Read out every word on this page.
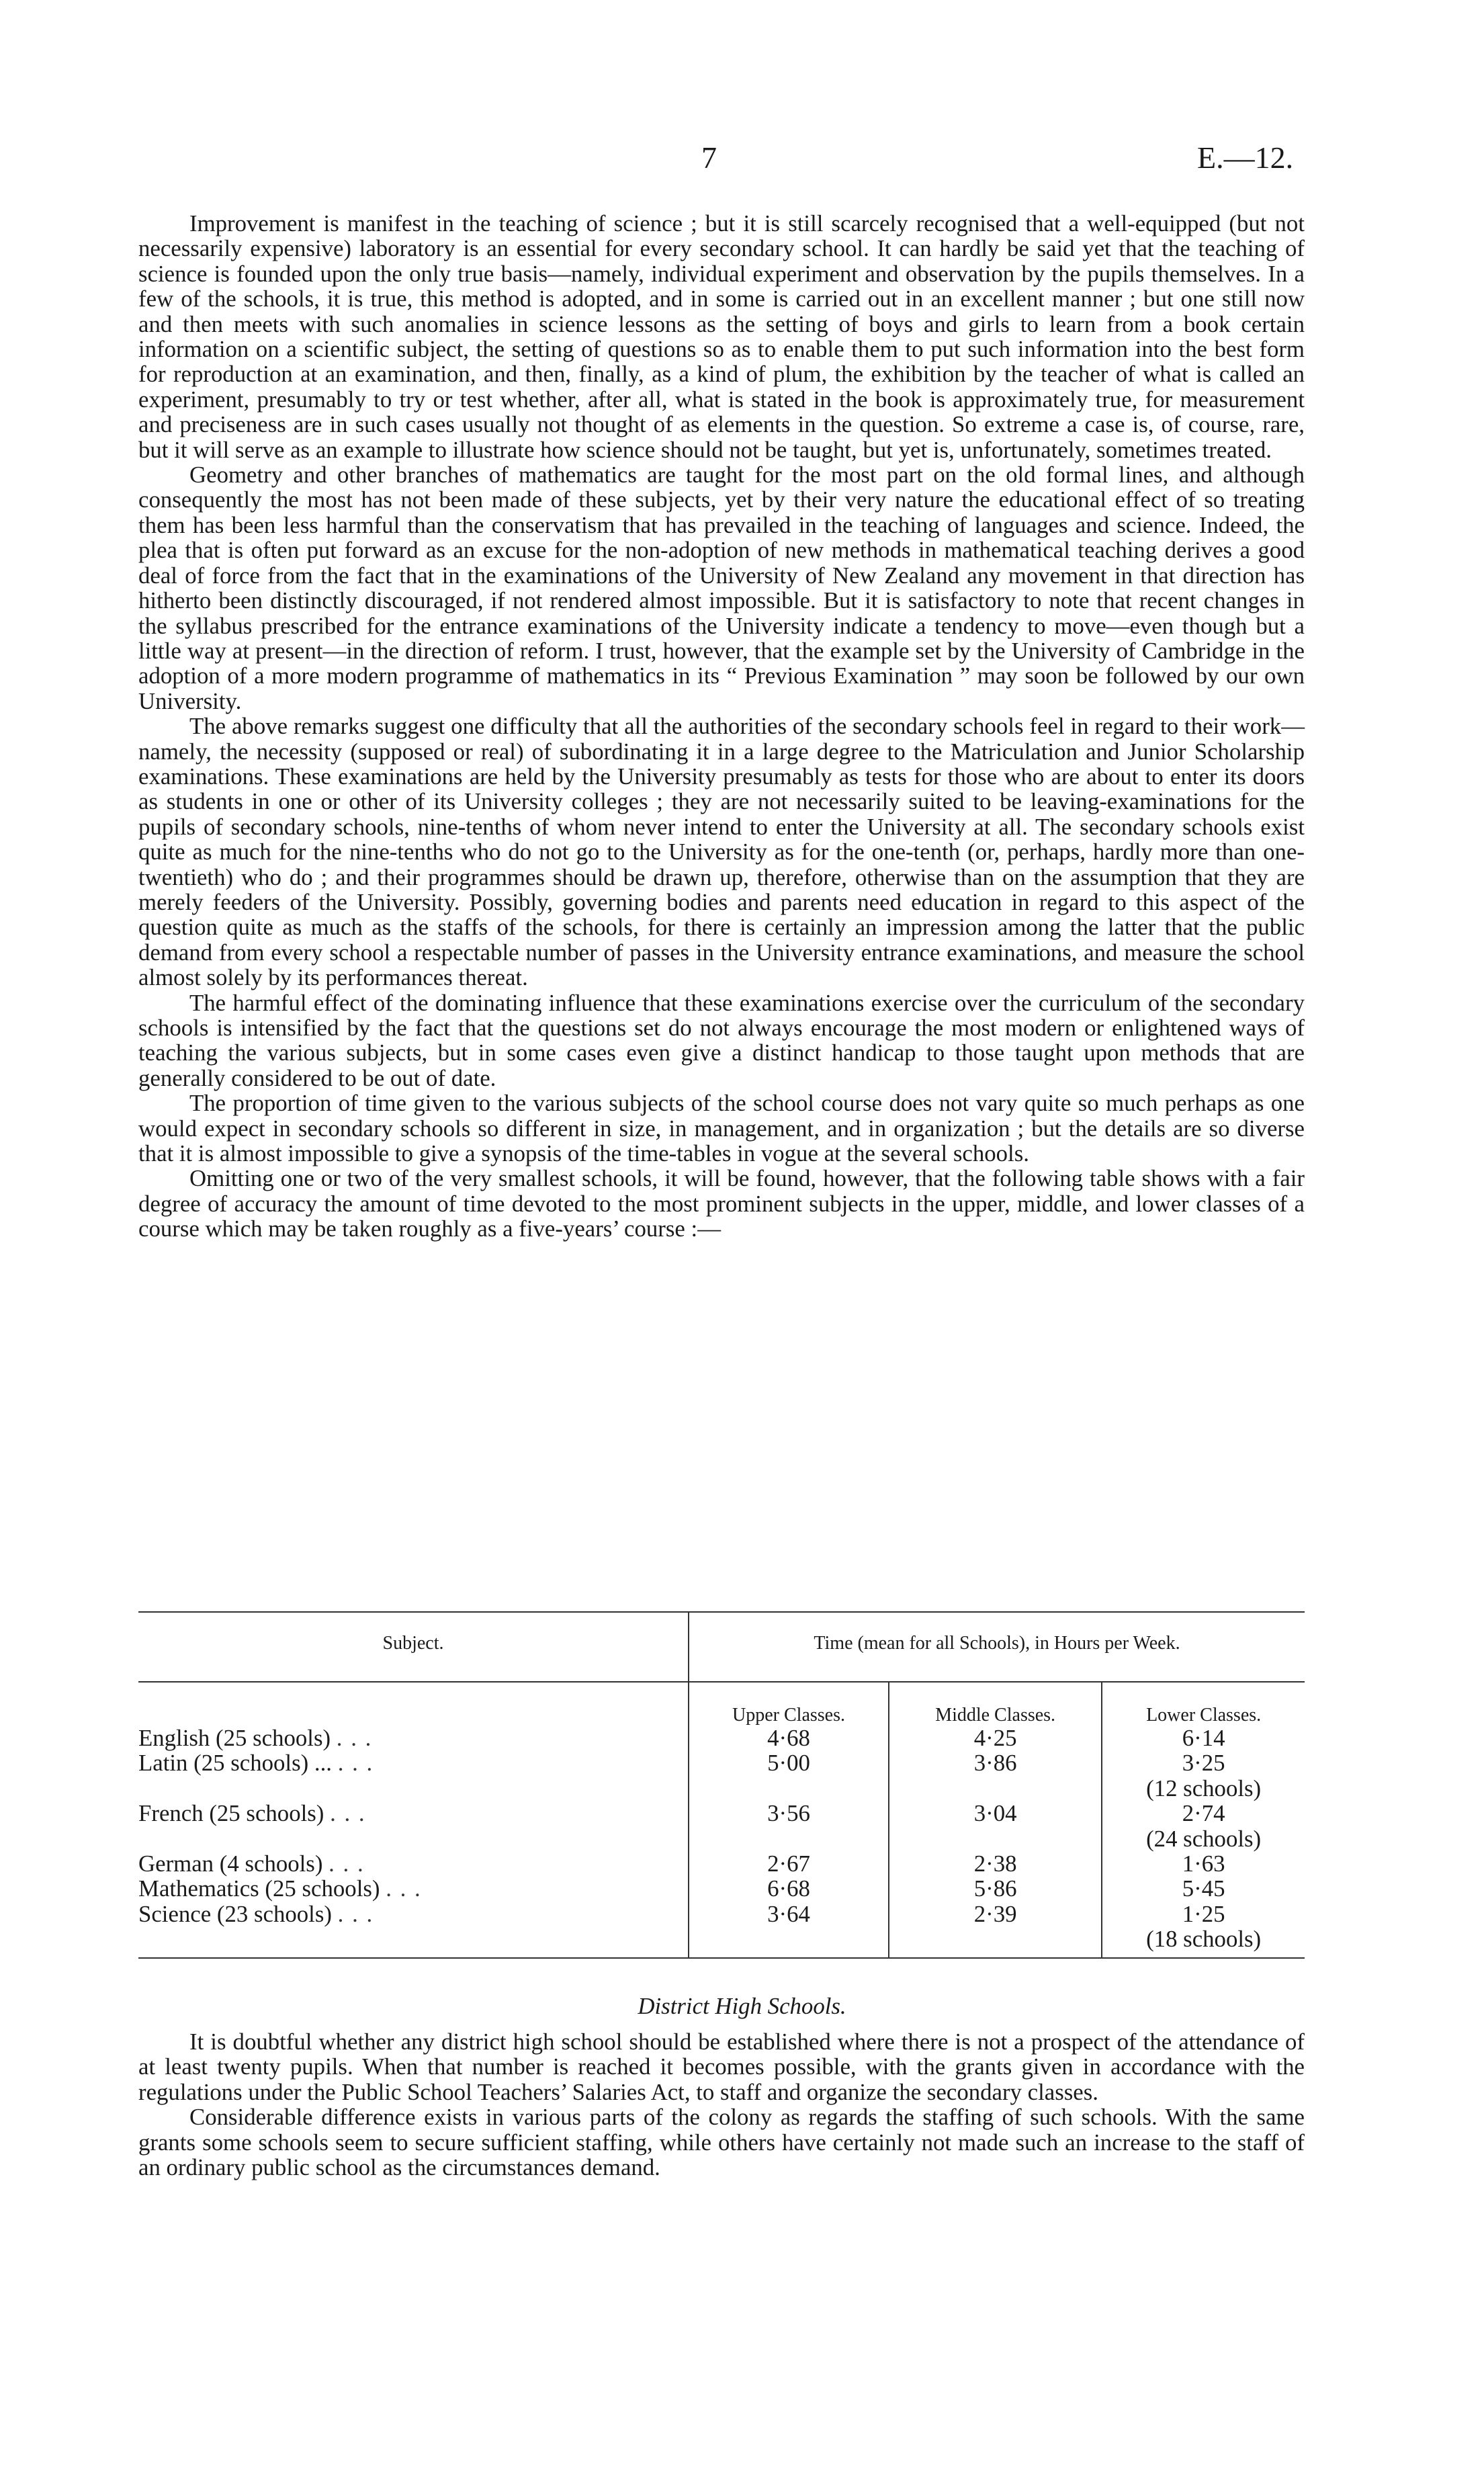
7	E.—12.

Improvement is manifest in the teaching of science ; but it is still scarcely recognised that a well-equipped (but not necessarily expensive) laboratory is an essential for every secondary school. It can hardly be said yet that the teaching of science is founded upon the only true basis—namely, individual experiment and observation by the pupils themselves. In a few of the schools, it is true, this method is adopted, and in some is carried out in an excellent manner ; but one still now and then meets with such anomalies in science lessons as the setting of boys and girls to learn from a book certain information on a scientific subject, the setting of questions so as to enable them to put such information into the best form for reproduction at an examination, and then, finally, as a kind of plum, the exhibition by the teacher of what is called an experiment, presumably to try or test whether, after all, what is stated in the book is approximately true, for measurement and preciseness are in such cases usually not thought of as elements in the question. So extreme a case is, of course, rare, but it will serve as an example to illustrate how science should not be taught, but yet is, unfortunately, sometimes treated.

Geometry and other branches of mathematics are taught for the most part on the old formal lines, and although consequently the most has not been made of these subjects, yet by their very nature the educational effect of so treating them has been less harmful than the conservatism that has prevailed in the teaching of languages and science. Indeed, the plea that is often put forward as an excuse for the non-adoption of new methods in mathematical teaching derives a good deal of force from the fact that in the examinations of the University of New Zealand any movement in that direction has hitherto been distinctly discouraged, if not rendered almost impossible. But it is satisfactory to note that recent changes in the syllabus prescribed for the entrance examinations of the University indicate a tendency to move—even though but a little way at present—in the direction of reform. I trust, however, that the example set by the University of Cambridge in the adoption of a more modern programme of mathematics in its “ Previous Examination ” may soon be followed by our own University.

The above remarks suggest one difficulty that all the authorities of the secondary schools feel in regard to their work—namely, the necessity (supposed or real) of subordinating it in a large degree to the Matriculation and Junior Scholarship examinations. These examinations are held by the University presumably as tests for those who are about to enter its doors as students in one or other of its University colleges ; they are not necessarily suited to be leaving-examinations for the pupils of secondary schools, nine-tenths of whom never intend to enter the University at all. The secondary schools exist quite as much for the nine-tenths who do not go to the University as for the one-tenth (or, perhaps, hardly more than one-twentieth) who do ; and their programmes should be drawn up, therefore, otherwise than on the assumption that they are merely feeders of the University. Possibly, governing bodies and parents need education in regard to this aspect of the question quite as much as the staffs of the schools, for there is certainly an impression among the latter that the public demand from every school a respectable number of passes in the University entrance examinations, and measure the school almost solely by its performances thereat.

The harmful effect of the dominating influence that these examinations exercise over the curriculum of the secondary schools is intensified by the fact that the questions set do not always encourage the most modern or enlightened ways of teaching the various subjects, but in some cases even give a distinct handicap to those taught upon methods that are generally considered to be out of date.

The proportion of time given to the various subjects of the school course does not vary quite so much perhaps as one would expect in secondary schools so different in size, in management, and in organization ; but the details are so diverse that it is almost impossible to give a synopsis of the time-tables in vogue at the several schools.

Omitting one or two of the very smallest schools, it will be found, however, that the following table shows with a fair degree of accuracy the amount of time devoted to the most prominent subjects in the upper, middle, and lower classes of a course which may be taken roughly as a five-years’ course :—

Subject.	Time (mean for all Schools), in Hours per Week.		
	Upper Classes.	Middle Classes.	Lower Classes.
English (25 schools) . . .	4·68	4·25	6·14
Latin (25 schools) ... . . .	5·00	3·86	3·25
(12 schools)

French (25 schools) . . .	3·56	3·04	2·74
(24 schools)

German (4 schools) . . .	2·67	2·38	1·63
Mathematics (25 schools) . . .	6·68	5·86	5·45
Science (23 schools) . . .	3·64	2·39	1·25
(18 schools)

District High Schools.

It is doubtful whether any district high school should be established where there is not a prospect of the attendance of at least twenty pupils. When that number is reached it becomes possible, with the grants given in accordance with the regulations under the Public School Teachers’ Salaries Act, to staff and organize the secondary classes.

Considerable difference exists in various parts of the colony as regards the staffing of such schools. With the same grants some schools seem to secure sufficient staffing, while others have certainly not made such an increase to the staff of an ordinary public school as the circumstances demand.
